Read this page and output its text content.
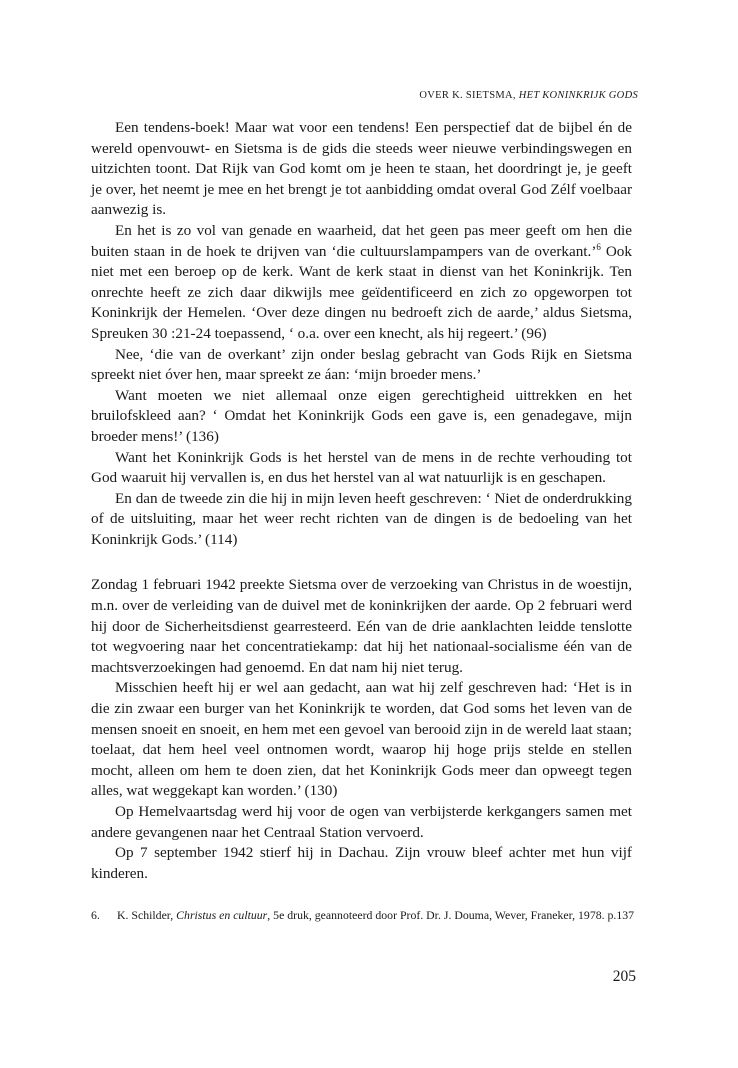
OVER K. SIETSMA, HET KONINKRIJK GODS

Een tendens-boek! Maar wat voor een tendens! Een perspectief dat de bijbel én de wereld openvouwt- en Sietsma is de gids die steeds weer nieuwe verbindingswegen en uitzichten toont. Dat Rijk van God komt om je heen te staan, het doordringt je, je geeft je over, het neemt je mee en het brengt je tot aanbidding omdat overal God Zélf voelbaar aanwezig is.

En het is zo vol van genade en waarheid, dat het geen pas meer geeft om hen die buiten staan in de hoek te drijven van ‘die cultuurslampampers van de overkant.’$^6$ Ook niet met een beroep op de kerk. Want de kerk staat in dienst van het Koninkrijk. Ten onrechte heeft ze zich daar dikwijls mee geïdentificeerd en zich zo opgeworpen tot Koninkrijk der Hemelen. ‘Over deze dingen nu bedroeft zich de aarde,’ aldus Sietsma, Spreuken 30 :21-24 toepassend, ‘ o.a. over een knecht, als hij regeert.’ (96)

Nee, ‘die van de overkant’ zijn onder beslag gebracht van Gods Rijk en Sietsma spreekt niet óver hen, maar spreekt ze áan: ‘mijn broeder mens.’

Want moeten we niet allemaal onze eigen gerechtigheid uittrekken en het bruilofskleed aan? ‘ Omdat het Koninkrijk Gods een gave is, een genadegave, mijn broeder mens!’ (136)

Want het Koninkrijk Gods is het herstel van de mens in de rechte verhouding tot God waaruit hij vervallen is, en dus het herstel van al wat natuurlijk is en geschapen.

En dan de tweede zin die hij in mijn leven heeft geschreven: ‘ Niet de onderdrukking of de uitsluiting, maar het weer recht richten van de dingen is de bedoeling van het Koninkrijk Gods.’ (114)

Zondag 1 februari 1942 preekte Sietsma over de verzoeking van Christus in de woestijn, m.n. over de verleiding van de duivel met de koninkrijken der aarde. Op 2 februari werd hij door de Sicherheitsdienst gearresteerd. Eén van de drie aanklachten leidde tenslotte tot wegvoering naar het concentratiekamp: dat hij het nationaal-socialisme één van de machtsverzoekingen had genoemd. En dat nam hij niet terug.

Misschien heeft hij er wel aan gedacht, aan wat hij zelf geschreven had: ‘Het is in die zin zwaar een burger van het Koninkrijk te worden, dat God soms het leven van de mensen snoeit en snoeit, en hem met een gevoel van berooid zijn in de wereld laat staan; toelaat, dat hem heel veel ontnomen wordt, waarop hij hoge prijs stelde en stellen mocht, alleen om hem te doen zien, dat het Koninkrijk Gods meer dan opweegt tegen alles, wat weggekapt kan worden.’ (130)

Op Hemelvaartsdag werd hij voor de ogen van verbijsterde kerkgangers samen met andere gevangenen naar het Centraal Station vervoerd.

Op 7 september 1942 stierf hij in Dachau. Zijn vrouw bleef achter met hun vijf kinderen.

6.	K. Schilder, Christus en cultuur, 5e druk, geannoteerd door Prof. Dr. J. Douma, Wever, Franeker, 1978. p.137
205
